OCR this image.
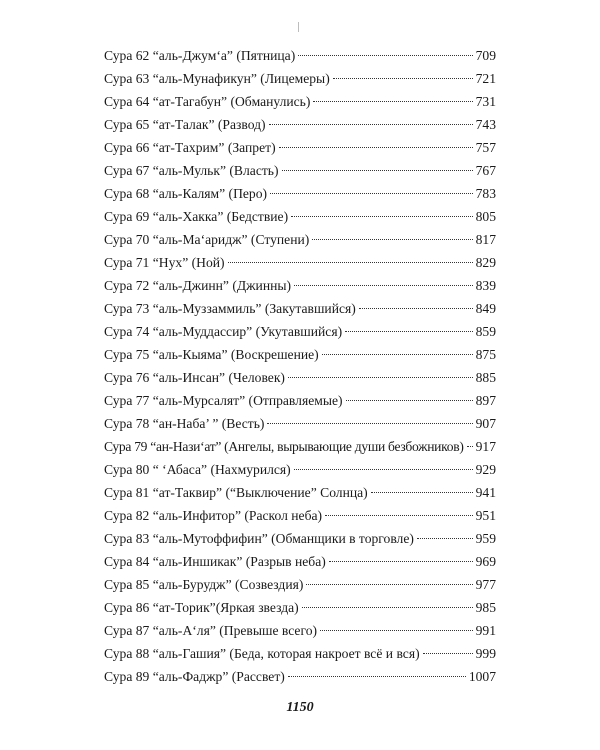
Сура 62 “аль-Джум‘а” (Пятница)	709
Сура 63 “аль-Мунафикун” (Лицемеры)	721
Сура 64 “ат-Тагабун” (Обманулись)	731
Сура 65 “ат-Талак” (Развод)	743
Сура 66 “ат-Тахрим” (Запрет)	757
Сура 67 “аль-Мульк” (Власть)	767
Сура 68 “аль-Калям” (Перо)	783
Сура 69 “аль-Хакка” (Бедствие)	805
Сура 70 “аль-Ма‘аридж” (Ступени)	817
Сура 71 “Нух” (Ной)	829
Сура 72 “аль-Джинн” (Джинны)	839
Сура 73 “аль-Муззаммиль” (Закутавшийся)	849
Сура 74 “аль-Муддассир” (Укутавшийся)	859
Сура 75 “аль-Кыяма” (Воскрешение)	875
Сура 76 “аль-Инсан” (Человек)	885
Сура 77 “аль-Мурсалят” (Отправляемые)	897
Сура 78 “ан-Наба’ ” (Весть)	907
Сура 79 “ан-Нази‘ат” (Ангелы, вырывающие души безбожников) 917
Сура 80 “ ‘Абаса” (Нахмурился)	929
Сура 81 “ат-Таквир” (“Выключение” Солнца)	941
Сура 82 “аль-Инфитор” (Раскол неба)	951
Сура 83 “аль-Мутоффифин” (Обманщики в торговле)	959
Сура 84 “аль-Иншикак” (Разрыв неба)	969
Сура 85 “аль-Бурудж” (Созвездия)	977
Сура 86 “ат-Торик”(Яркая звезда)	985
Сура 87 “аль-А‘ля” (Превыше всего)	991
Сура 88 “аль-Гашия” (Беда, которая накроет всё и вся)	999
Сура 89 “аль-Фаджр” (Рассвет)	1007
1150
